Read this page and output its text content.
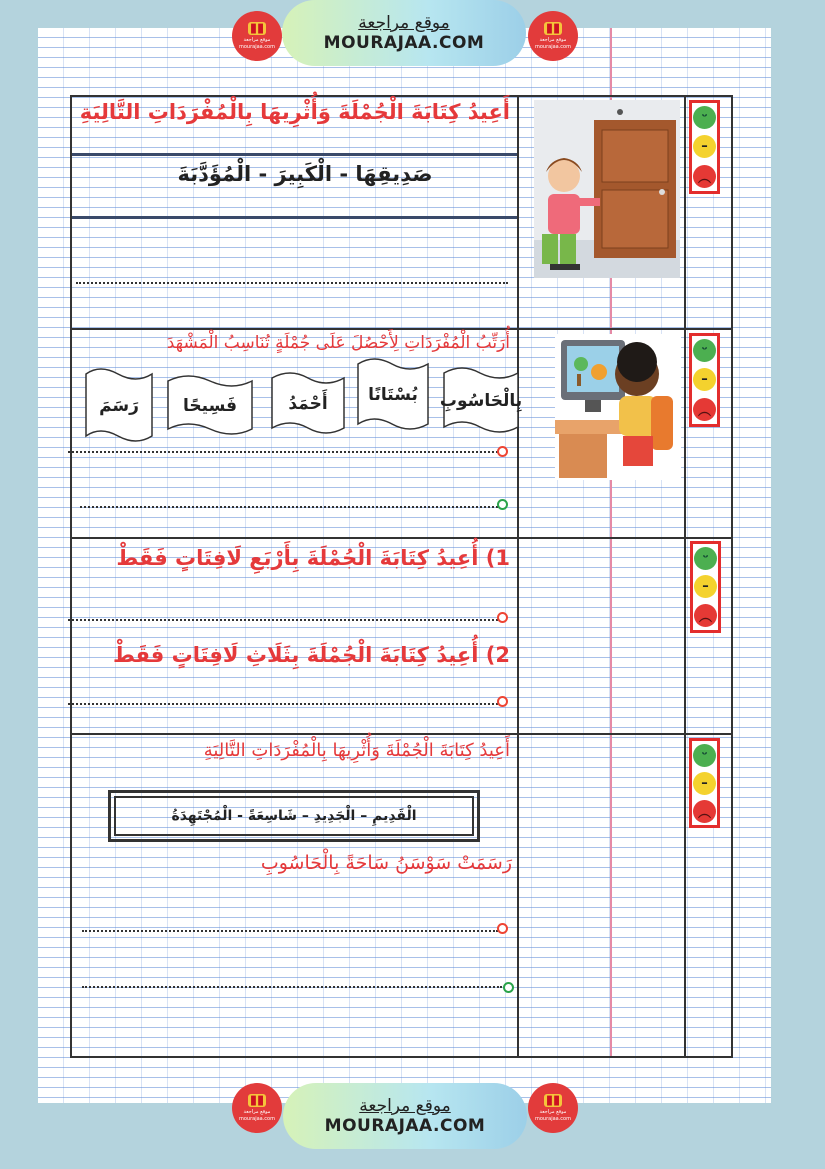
▮▮
موقع مراجعة
mourajaa.com
موقع مراجعة
MOURAJAA.COM
▮▮
موقع مراجعة
mourajaa.com
أَعِيدُ كِتَابَةَ الْجُمْلَةَ وَأُثْرِيهَا بِالْمُفْرَدَاتِ التَّالِيَةِ
صَدِيقِهَا - الْكَبِيرَ - الْمُؤَدَّبَةَ
ᵕ
–
︵
أُرَتِّبُ الْمُفْرَدَاتِ لِأَحْصُلَ عَلَى جُمْلَةٍ تُنَاسِبُ الْمَشْهَدَ
بِالْحَاسُوبِ
بُسْتَانًا
أَحْمَدُ
فَسِيحًا
رَسَمَ
ᵕ
–
︵
1) أُعِيدُ كِتَابَةَ الْجُمْلَةَ بِأَرْبَعِ لَافِتَاتٍ فَقَطْ
2) أُعِيدُ كِتَابَةَ الْجُمْلَةَ بِثَلَاثِ لَافِتَاتٍ فَقَطْ
ᵕ
–
︵
أَعِيدُ كِتَابَةَ الْجُمْلَةَ وَأُثْرِيهَا بِالْمُفْرَدَاتِ التَّالِيَةِ
الْقَدِيمِ – الْجَدِيدِ – شَاسِعَةً - الْمُجْتَهِدَةُ
رَسَمَتْ سَوْسَنُ سَاحَةً بِالْحَاسُوبِ
ᵕ
–
︵
▮▮
موقع مراجعة
mourajaa.com
موقع مراجعة
MOURAJAA.COM
▮▮
موقع مراجعة
mourajaa.com
